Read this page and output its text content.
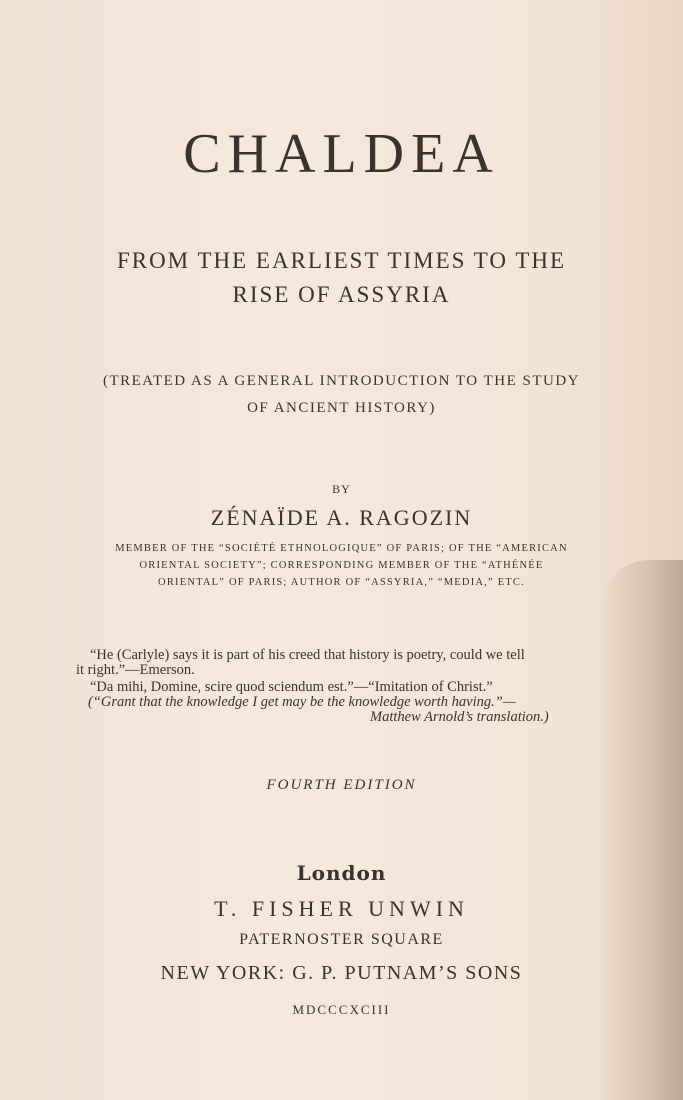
CHALDEA
FROM THE EARLIEST TIMES TO THE
RISE OF ASSYRIA
(TREATED AS A GENERAL INTRODUCTION TO THE STUDY
OF ANCIENT HISTORY)
BY
ZÉNAÏDE A. RAGOZIN
MEMBER OF THE “SOCIÉTÉ ETHNOLOGIQUE” OF PARIS; OF THE “AMERICAN
ORIENTAL SOCIETY”; CORRESPONDING MEMBER OF THE “ATHÉNÉE
ORIENTAL” OF PARIS; AUTHOR OF “ASSYRIA,” “MEDIA,” ETC.
“He (Carlyle) says it is part of his creed that history is poetry, could we tell
it right.”—Emerson.
“Da mihi, Domine, scire quod sciendum est.”—“Imitation of Christ.”
(“Grant that the knowledge I get may be the knowledge worth having.”—
Matthew Arnold’s translation.)
FOURTH EDITION
London
T. FISHER UNWIN
PATERNOSTER SQUARE
NEW YORK: G. P. PUTNAM’S SONS
MDCCCXCIII
